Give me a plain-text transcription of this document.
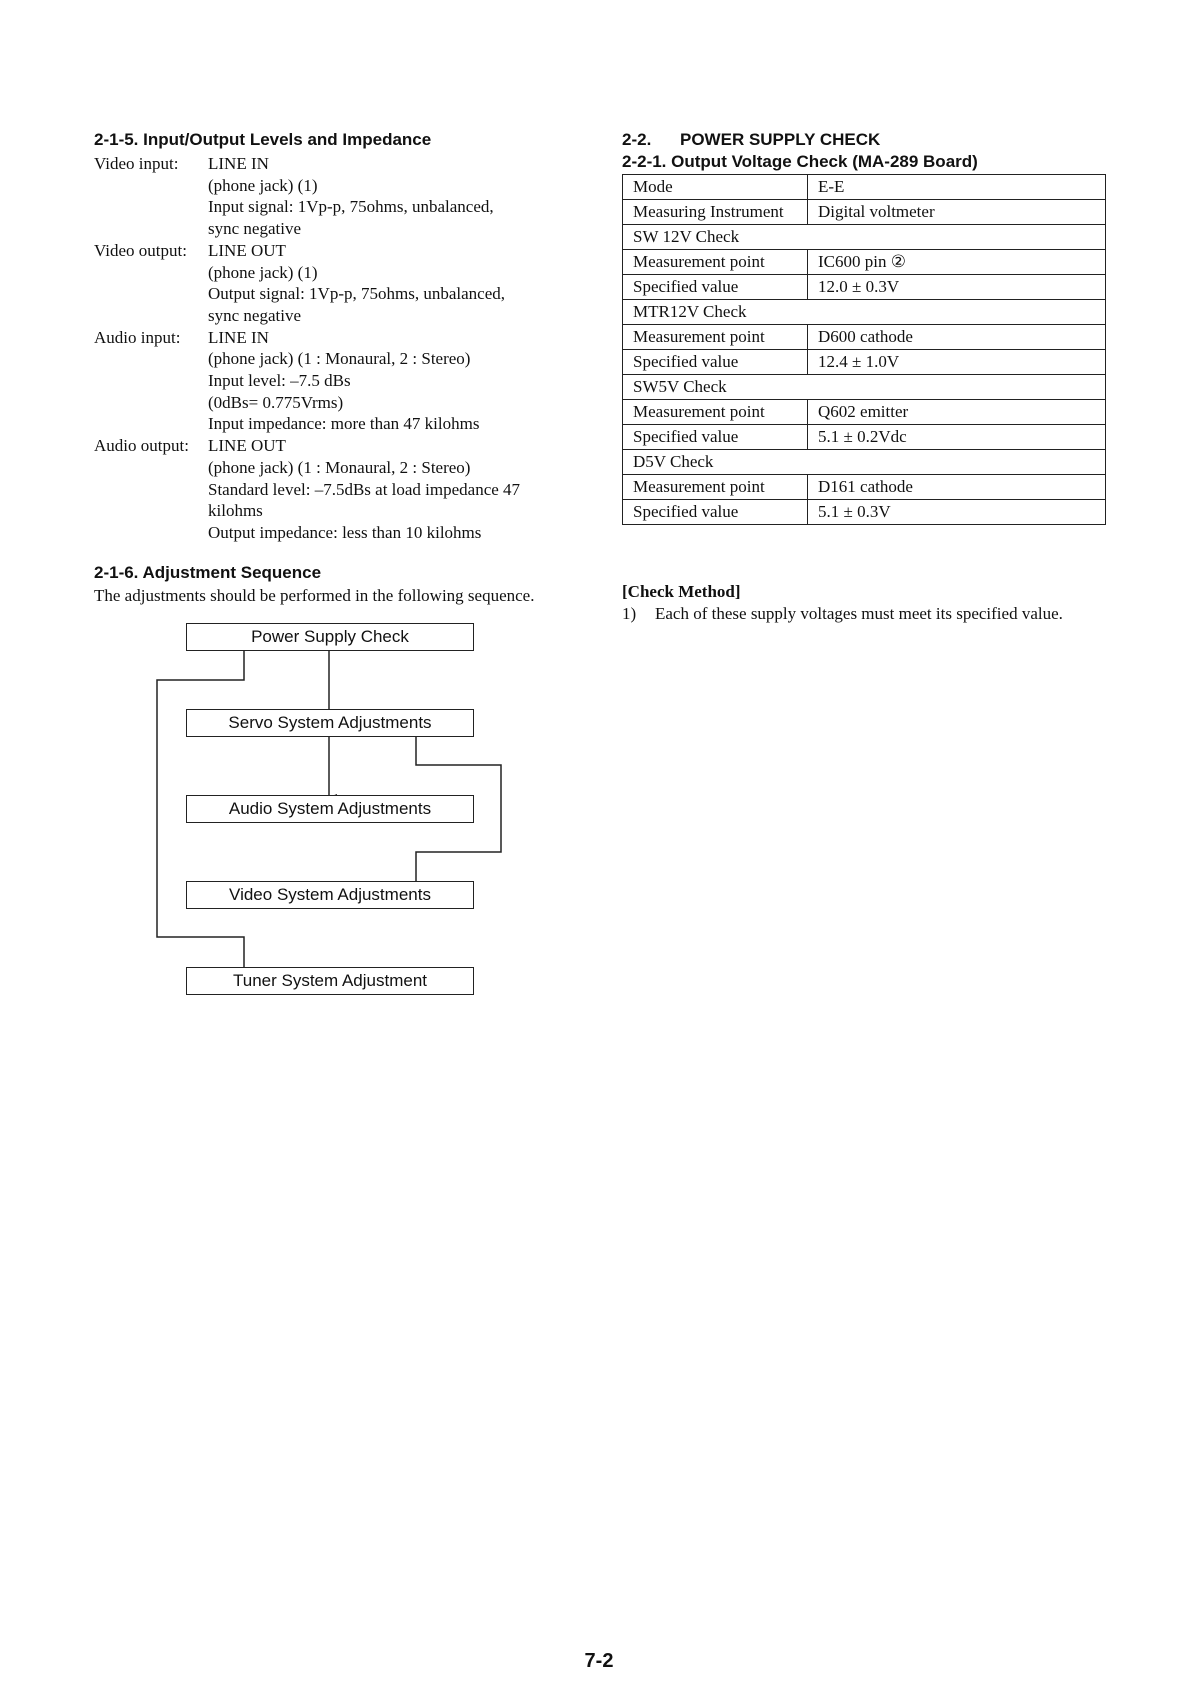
2-1-5. Input/Output Levels and Impedance
Video input:	LINE IN
(phone jack) (1)
Input signal: 1Vp-p, 75ohms, unbalanced,
sync negative
Video output:	LINE OUT
(phone jack) (1)
Output signal: 1Vp-p, 75ohms, unbalanced,
sync negative
Audio input:	LINE IN
(phone jack) (1 : Monaural, 2 : Stereo)
Input level: –7.5 dBs
(0dBs= 0.775Vrms)
Input impedance: more than 47 kilohms
Audio output:	LINE OUT
(phone jack) (1 : Monaural, 2 : Stereo)
Standard level: –7.5dBs at load impedance 47
kilohms
Output impedance: less than 10 kilohms
2-1-6. Adjustment Sequence
The adjustments should be performed in the following sequence.
Power Supply Check
Servo System Adjustments
Audio System Adjustments
Video System Adjustments
Tuner System Adjustment
2-2. POWER SUPPLY CHECK
2-2-1. Output Voltage Check (MA-289 Board)
Mode	E-E
Measuring Instrument	Digital voltmeter
SW 12V Check	
Measurement point	IC600 pin ②
Specified value	12.0 ± 0.3V
MTR12V Check	
Measurement point	D600 cathode
Specified value	12.4 ± 1.0V
SW5V Check	
Measurement point	Q602 emitter
Specified value	5.1 ± 0.2Vdc
D5V Check	
Measurement point	D161 cathode
Specified value	5.1 ± 0.3V
[Check Method]
1) Each of these supply voltages must meet its specified value.
7-2
